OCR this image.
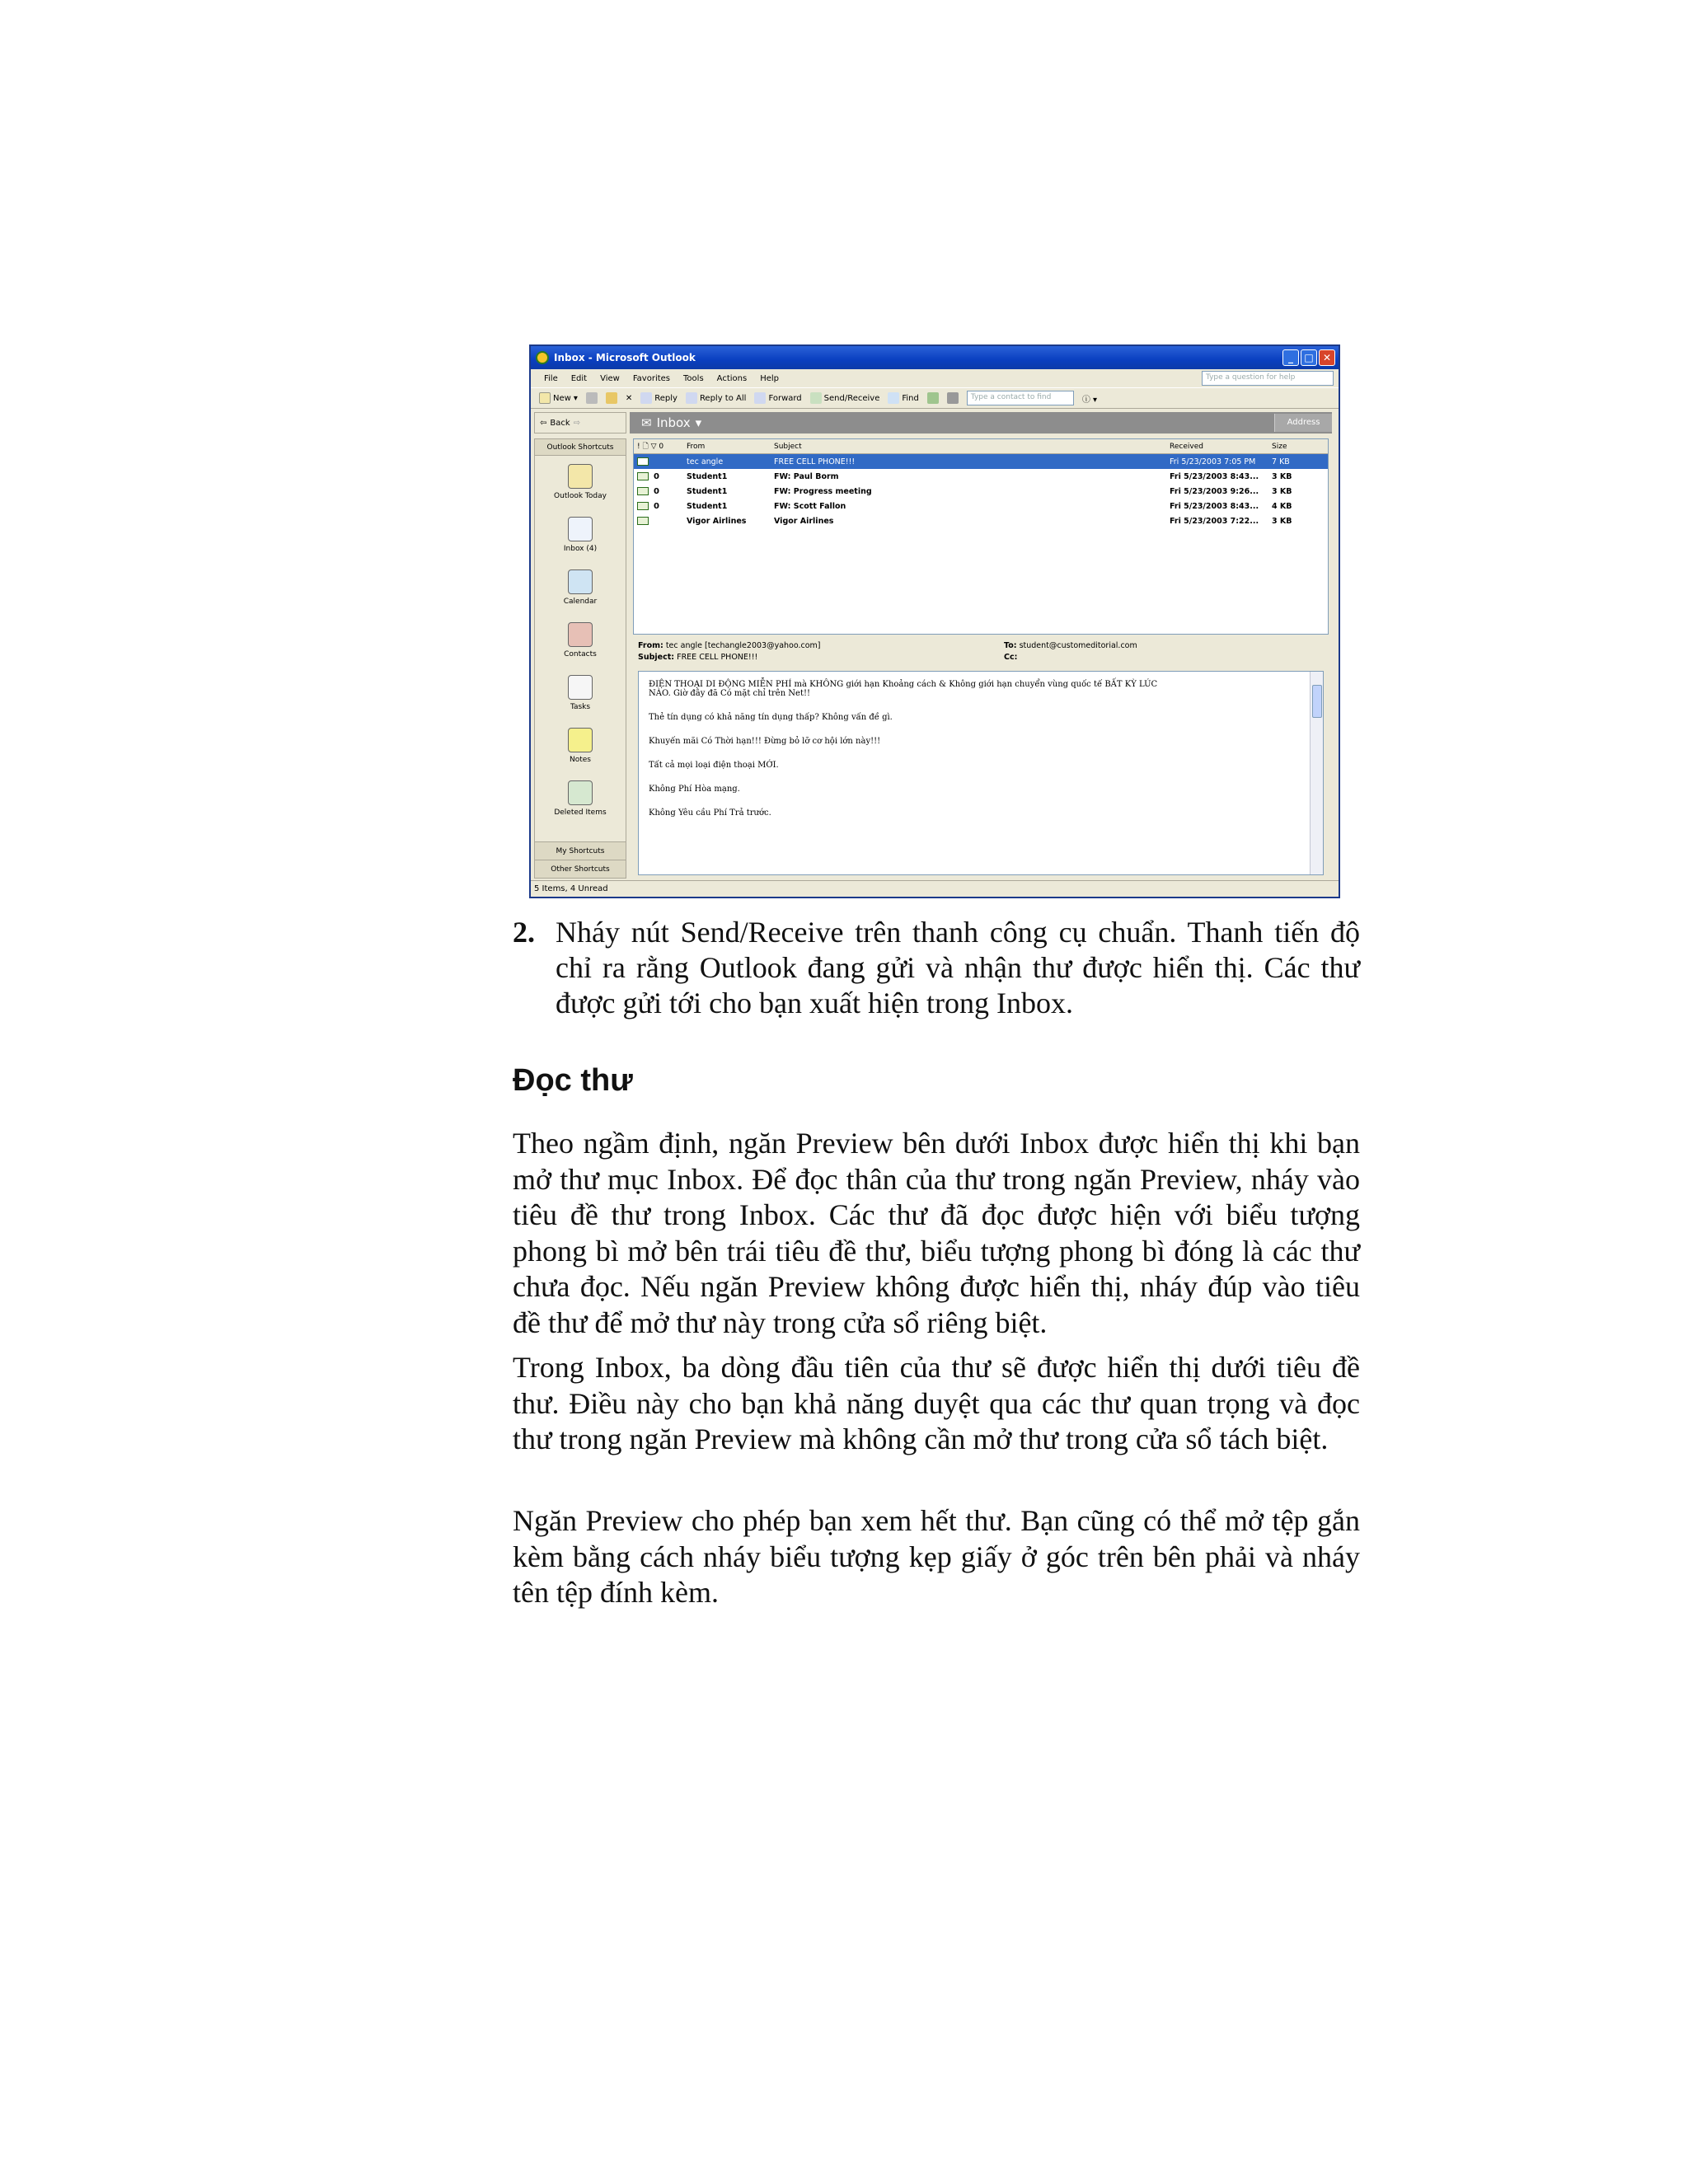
Inbox - Microsoft Outlook	_	□ ✕
File Edit View Favorites Tools Actions Help	Type a question for help
New ▾	✕	Reply	Reply to All	Forward	Send/Receive	Find	Type a contact to find	ⓘ ▾
⇦ Back ⇨	✉ Inbox ▾	Address
Outlook Shortcuts
Outlook Today
Inbox (4)
Calendar
Contacts
Tasks
Notes
Deleted Items
My Shortcuts
Other Shortcuts
! 🗋 ▽ 0	From	Subject	Received	Size
tec angle	FREE CELL PHONE!!!	Fri 5/23/2003 7:05 PM	7 KB
0	Student1	FW: Paul Borm	Fri 5/23/2003 8:43...	3 KB
0	Student1	FW: Progress meeting	Fri 5/23/2003 9:26...	3 KB
0	Student1	FW: Scott Fallon	Fri 5/23/2003 8:43...	4 KB
Vigor Airlines	Vigor Airlines	Fri 5/23/2003 7:22...	3 KB
From: tec angle [techangle2003@yahoo.com]
Subject: FREE CELL PHONE!!!
To: student@customeditorial.com
Cc:

ĐIỆN THOẠI DI ĐỘNG MIỄN PHÍ mà KHÔNG giới hạn Khoảng cách & Không giới hạn chuyển vùng quốc tế BẤT KỲ LÚC NÀO. Giờ đây đã Có mặt chỉ trên Net!!

Thẻ tín dụng có khả năng tín dụng thấp? Không vấn đề gì.

Khuyến mãi Có Thời hạn!!! Đừng bỏ lỡ cơ hội lớn này!!!

Tất cả mọi loại điện thoại MỚI.

Không Phí Hòa mạng.

Không Yêu cầu Phí Trả trước.

5 Items, 4 Unread
2. Nháy nút Send/Receive trên thanh công cụ chuẩn. Thanh tiến độ chỉ ra rằng Outlook đang gửi và nhận thư được hiển thị. Các thư được gửi tới cho bạn xuất hiện trong Inbox.
Đọc thư
Theo ngầm định, ngăn Preview bên dưới Inbox được hiển thị khi bạn mở thư mục Inbox. Để đọc thân của thư trong ngăn Preview, nháy vào tiêu đề thư trong Inbox. Các thư đã đọc được hiện với biểu tượng phong bì mở bên trái tiêu đề thư, biểu tượng phong bì đóng là các thư chưa đọc. Nếu ngăn Preview không được hiển thị, nháy đúp vào tiêu đề thư để mở thư này trong cửa sổ riêng biệt.
Trong Inbox, ba dòng đầu tiên của thư sẽ được hiển thị dưới tiêu đề thư. Điều này cho bạn khả năng duyệt qua các thư quan trọng và đọc thư trong ngăn Preview mà không cần mở thư trong cửa sổ tách biệt.
Ngăn Preview cho phép bạn xem hết thư. Bạn cũng có thể mở tệp gắn kèm bằng cách nháy biểu tượng kẹp giấy ở góc trên bên phải và nháy tên tệp đính kèm.
